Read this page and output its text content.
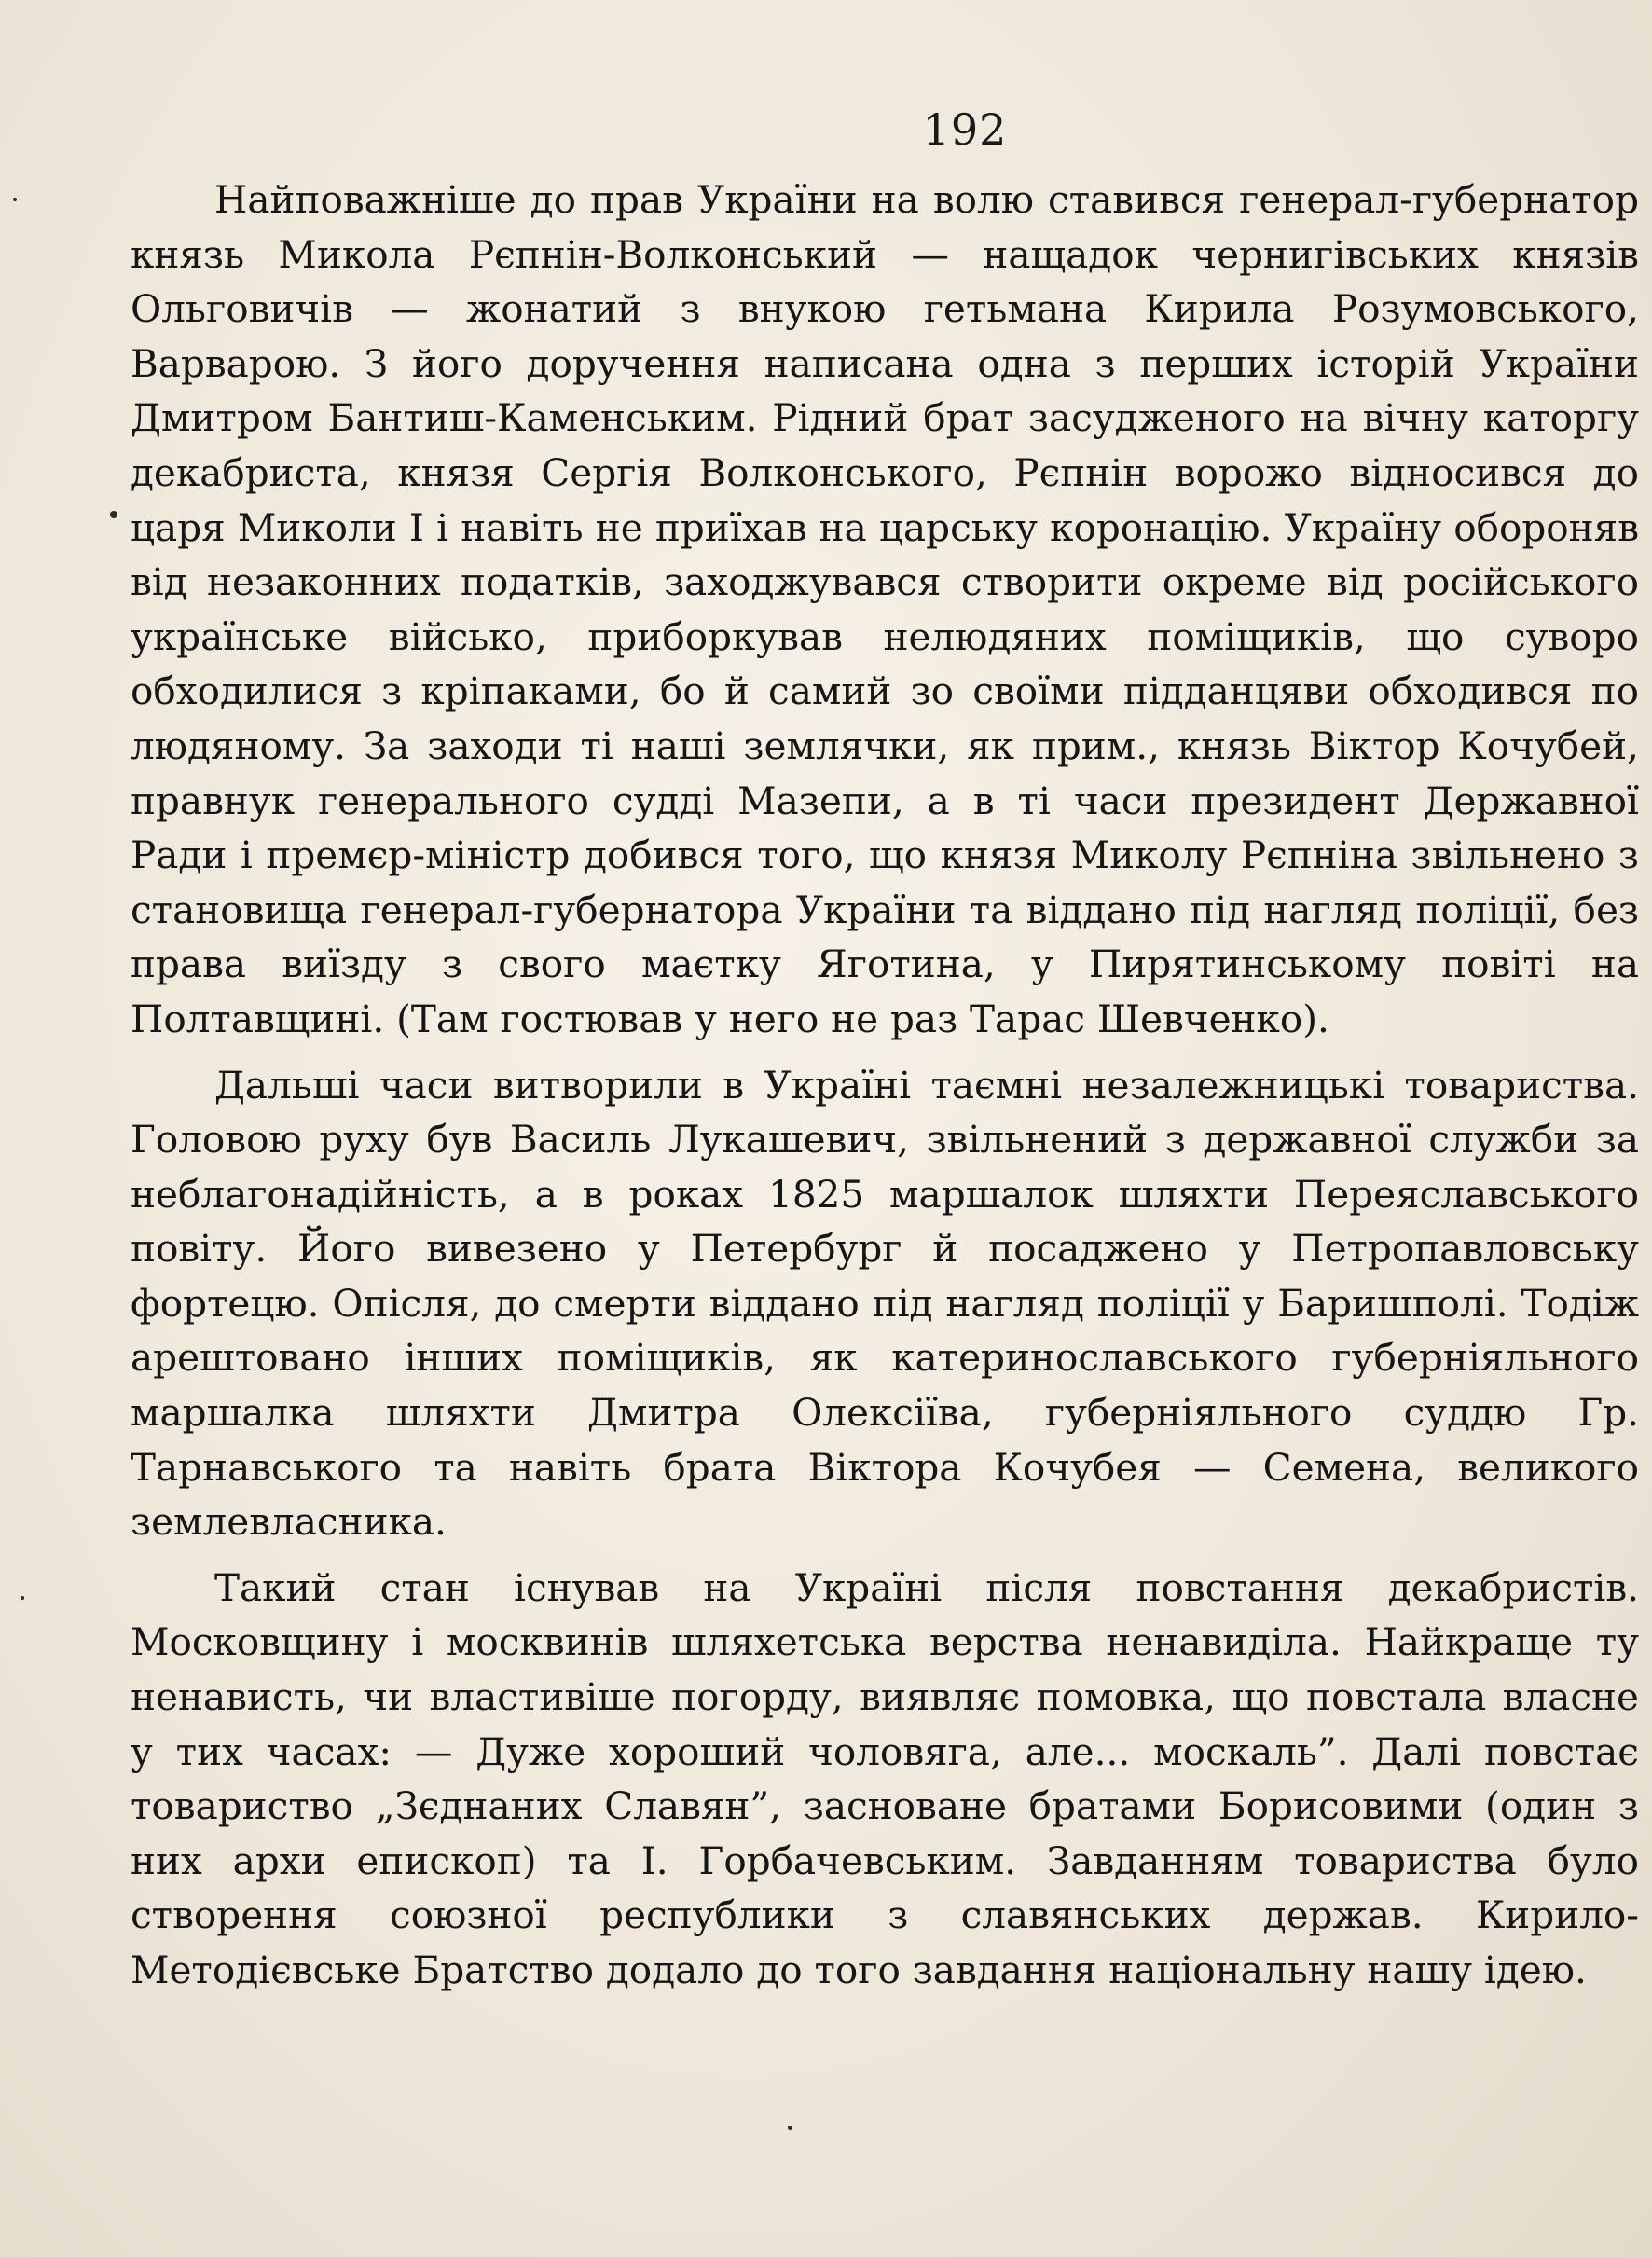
192

Найповажніше до прав України на волю ставився генерал-губернатор князь Микола Рєпнін-Волконський — нащадок чернигівських князів Ольговичів — жонатий з внукою гетьмана Кирила Розумовського, Варварою. З його доручення написана одна з перших історій України Дмитром Бантиш-Каменським. Рідний брат засудженого на вічну каторгу декабриста, князя Сергія Волконського, Рєпнін ворожо відносився до царя Миколи І і навіть не приїхав на царську коронацію. Україну обороняв від незаконних податків, заходжувався створити окреме від російського українське військо, приборкував нелюдяних поміщиків, що суворо обходилися з кріпаками, бо й самий зо своїми підданцяви обходився по людяному. За заходи ті наші землячки, як прим., князь Віктор Кочубей, правнук генерального судді Мазепи, а в ті часи президент Державної Ради і премєр-міністр добився того, що князя Миколу Рєпніна звільнено з становища генерал-губернатора України та віддано під нагляд поліції, без права виїзду з свого маєтку Яготина, у Пирятинському повіті на Полтавщині. (Там гостював у него не раз Тарас Шевченко).

Дальші часи витворили в Україні таємні незалежницькі товариства. Головою руху був Василь Лукашевич, звільнений з державної служби за неблагонадійність, а в роках 1825 маршалок шляхти Переяславського повіту. Його вивезено у Петербург й посаджено у Петропавловську фортецю. Опісля, до смерти віддано під нагляд поліції у Баришполі. Тодіж арештовано інших поміщиків, як катеринославського губерніяльного маршалка шляхти Дмитра Олексіїва, губерніяльного суддю Гр. Тарнавського та навіть брата Віктора Кочубея — Семена, великого землевласника.

Такий стан існував на Україні після повстання декабристів. Московщину і москвинів шляхетська верства ненавиділа. Найкраще ту ненависть, чи властивіше погорду, виявляє помовка, що повстала власне у тих часах: — Дуже хороший чоловяга, але... москаль”. Далі повстає товариство „Зєднаних Славян”, засноване братами Борисовими (один з них архи епископ) та І. Горбачевським. Завданням товариства було створення союзної республики з славянських держав. Кирило-Методієвське Братство додало до того завдання національну нашу ідею.
